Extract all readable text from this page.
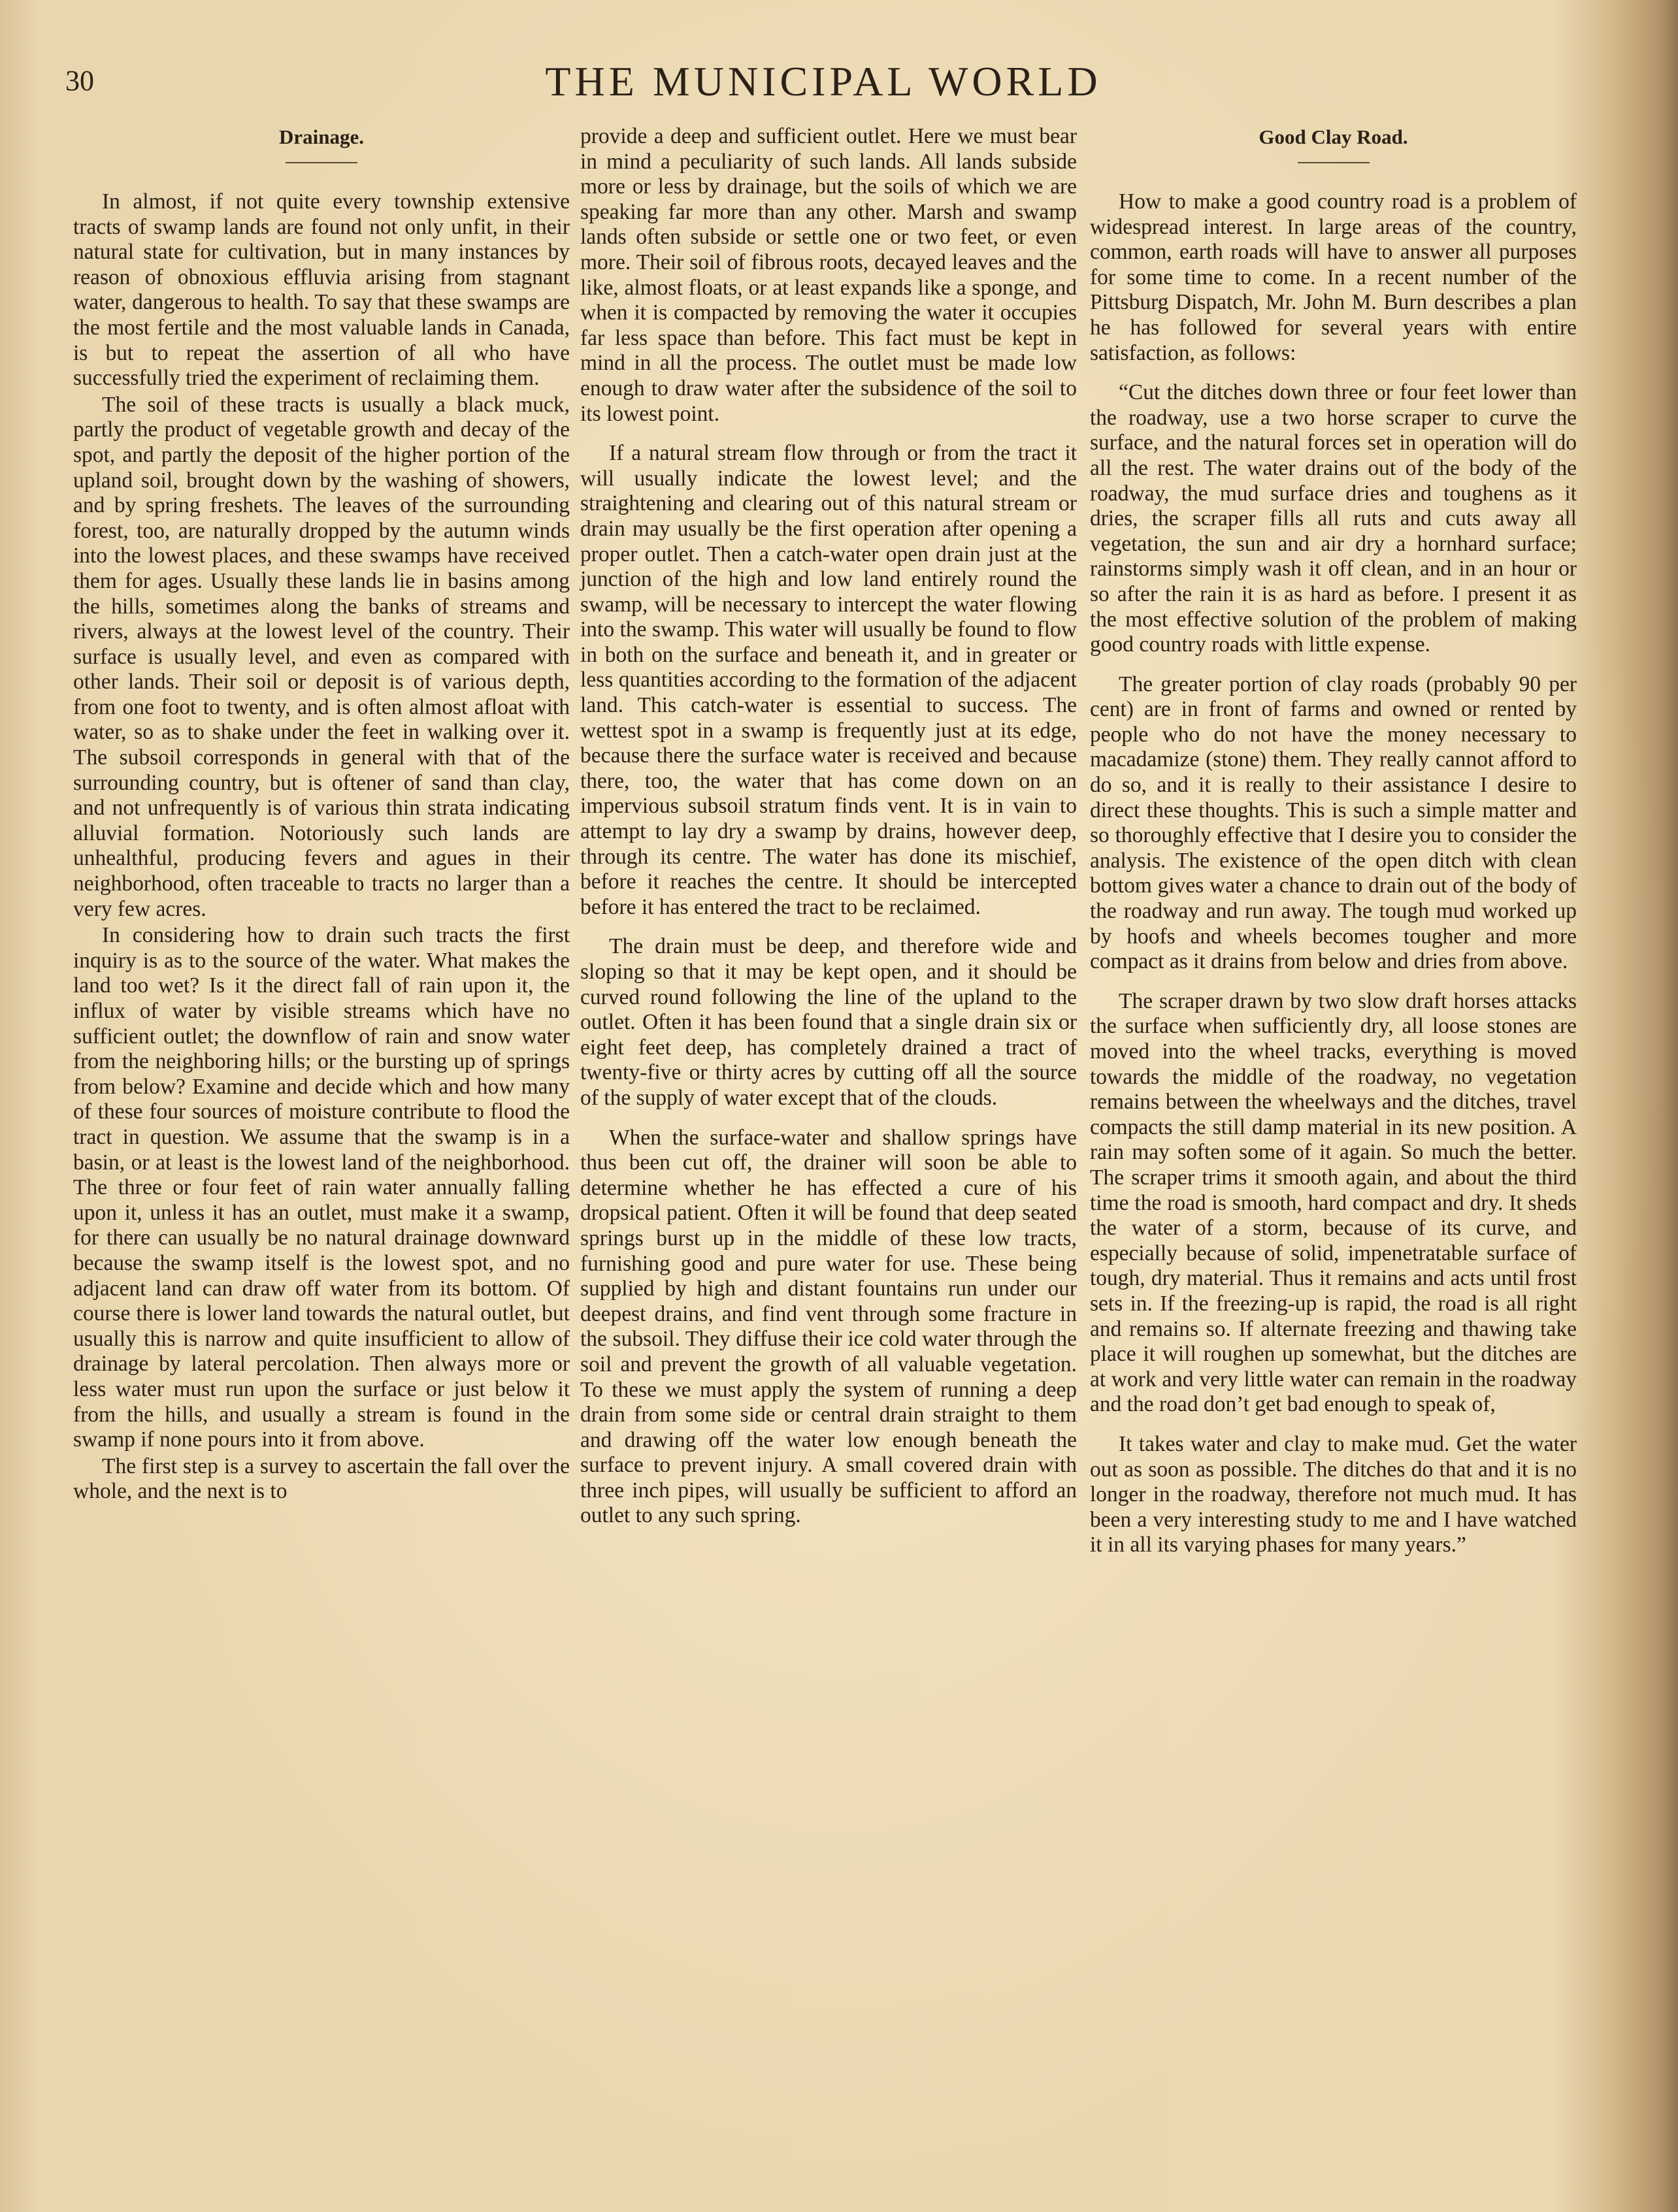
30	THE MUNICIPAL WORLD
Drainage.

In almost, if not quite every township extensive tracts of swamp lands are found not only unfit, in their natural state for cultivation, but in many instances by reason of obnoxious effluvia arising from stagnant water, dangerous to health. To say that these swamps are the most fertile and the most valuable lands in Canada, is but to repeat the assertion of all who have successfully tried the experiment of reclaiming them.

The soil of these tracts is usually a black muck, partly the product of vegetable growth and decay of the spot, and partly the deposit of the higher portion of the upland soil, brought down by the washing of showers, and by spring freshets. The leaves of the surrounding forest, too, are naturally dropped by the autumn winds into the lowest places, and these swamps have received them for ages. Usually these lands lie in basins among the hills, sometimes along the banks of streams and rivers, always at the lowest level of the country. Their surface is usually level, and even as compared with other lands. Their soil or deposit is of various depth, from one foot to twenty, and is often almost afloat with water, so as to shake under the feet in walking over it. The subsoil corresponds in general with that of the surrounding country, but is oftener of sand than clay, and not unfrequently is of various thin strata indicating alluvial formation. Notoriously such lands are unhealthful, producing fevers and agues in their neighborhood, often traceable to tracts no larger than a very few acres.

In considering how to drain such tracts the first inquiry is as to the source of the water. What makes the land too wet? Is it the direct fall of rain upon it, the influx of water by visible streams which have no sufficient outlet; the downflow of rain and snow water from the neighboring hills; or the bursting up of springs from below? Examine and decide which and how many of these four sources of moisture contribute to flood the tract in question. We assume that the swamp is in a basin, or at least is the lowest land of the neighborhood. The three or four feet of rain water annually falling upon it, unless it has an outlet, must make it a swamp, for there can usually be no natural drainage downward because the swamp itself is the lowest spot, and no adjacent land can draw off water from its bottom. Of course there is lower land towards the natural outlet, but usually this is narrow and quite insufficient to allow of drainage by lateral percolation. Then always more or less water must run upon the surface or just below it from the hills, and usually a stream is found in the swamp if none pours into it from above.

The first step is a survey to ascertain the fall over the whole, and the next is to

provide a deep and sufficient outlet. Here we must bear in mind a peculiarity of such lands. All lands subside more or less by drainage, but the soils of which we are speaking far more than any other. Marsh and swamp lands often subside or settle one or two feet, or even more. Their soil of fibrous roots, decayed leaves and the like, almost floats, or at least expands like a sponge, and when it is compacted by removing the water it occupies far less space than before. This fact must be kept in mind in all the process. The outlet must be made low enough to draw water after the subsidence of the soil to its lowest point.

If a natural stream flow through or from the tract it will usually indicate the lowest level; and the straightening and clearing out of this natural stream or drain may usually be the first operation after opening a proper outlet. Then a catch-water open drain just at the junction of the high and low land entirely round the swamp, will be necessary to intercept the water flowing into the swamp. This water will usually be found to flow in both on the surface and beneath it, and in greater or less quantities according to the formation of the adjacent land. This catch-water is essential to success. The wettest spot in a swamp is frequently just at its edge, because there the surface water is received and because there, too, the water that has come down on an impervious subsoil stratum finds vent. It is in vain to attempt to lay dry a swamp by drains, however deep, through its centre. The water has done its mischief, before it reaches the centre. It should be intercepted before it has entered the tract to be reclaimed.

The drain must be deep, and therefore wide and sloping so that it may be kept open, and it should be curved round following the line of the upland to the outlet. Often it has been found that a single drain six or eight feet deep, has completely drained a tract of twenty-five or thirty acres by cutting off all the source of the supply of water except that of the clouds.

When the surface-water and shallow springs have thus been cut off, the drainer will soon be able to determine whether he has effected a cure of his dropsical patient. Often it will be found that deep seated springs burst up in the middle of these low tracts, furnishing good and pure water for use. These being supplied by high and distant fountains run under our deepest drains, and find vent through some fracture in the subsoil. They diffuse their ice cold water through the soil and prevent the growth of all valuable vegetation. To these we must apply the system of running a deep drain from some side or central drain straight to them and drawing off the water low enough beneath the surface to prevent injury. A small covered drain with three inch pipes, will usually be sufficient to afford an outlet to any such spring.

Good Clay Road.

How to make a good country road is a problem of widespread interest. In large areas of the country, common, earth roads will have to answer all purposes for some time to come. In a recent number of the Pittsburg Dispatch, Mr. John M. Burn describes a plan he has followed for several years with entire satisfaction, as follows:

“Cut the ditches down three or four feet lower than the roadway, use a two horse scraper to curve the surface, and the natural forces set in operation will do all the rest. The water drains out of the body of the roadway, the mud surface dries and toughens as it dries, the scraper fills all ruts and cuts away all vegetation, the sun and air dry a hornhard surface; rainstorms simply wash it off clean, and in an hour or so after the rain it is as hard as before. I present it as the most effective solution of the problem of making good country roads with little expense.

The greater portion of clay roads (probably 90 per cent) are in front of farms and owned or rented by people who do not have the money necessary to macadamize (stone) them. They really cannot afford to do so, and it is really to their assistance I desire to direct these thoughts. This is such a simple matter and so thoroughly effective that I desire you to consider the analysis. The existence of the open ditch with clean bottom gives water a chance to drain out of the body of the roadway and run away. The tough mud worked up by hoofs and wheels becomes tougher and more compact as it drains from below and dries from above.

The scraper drawn by two slow draft horses attacks the surface when sufficiently dry, all loose stones are moved into the wheel tracks, everything is moved towards the middle of the roadway, no vegetation remains between the wheelways and the ditches, travel compacts the still damp material in its new position. A rain may soften some of it again. So much the better. The scraper trims it smooth again, and about the third time the road is smooth, hard compact and dry. It sheds the water of a storm, because of its curve, and especially because of solid, impenetratable surface of tough, dry material. Thus it remains and acts until frost sets in. If the freezing-up is rapid, the road is all right and remains so. If alternate freezing and thawing take place it will roughen up somewhat, but the ditches are at work and very little water can remain in the roadway and the road don’t get bad enough to speak of,

It takes water and clay to make mud. Get the water out as soon as possible. The ditches do that and it is no longer in the roadway, therefore not much mud. It has been a very interesting study to me and I have watched it in all its varying phases for many years.”
